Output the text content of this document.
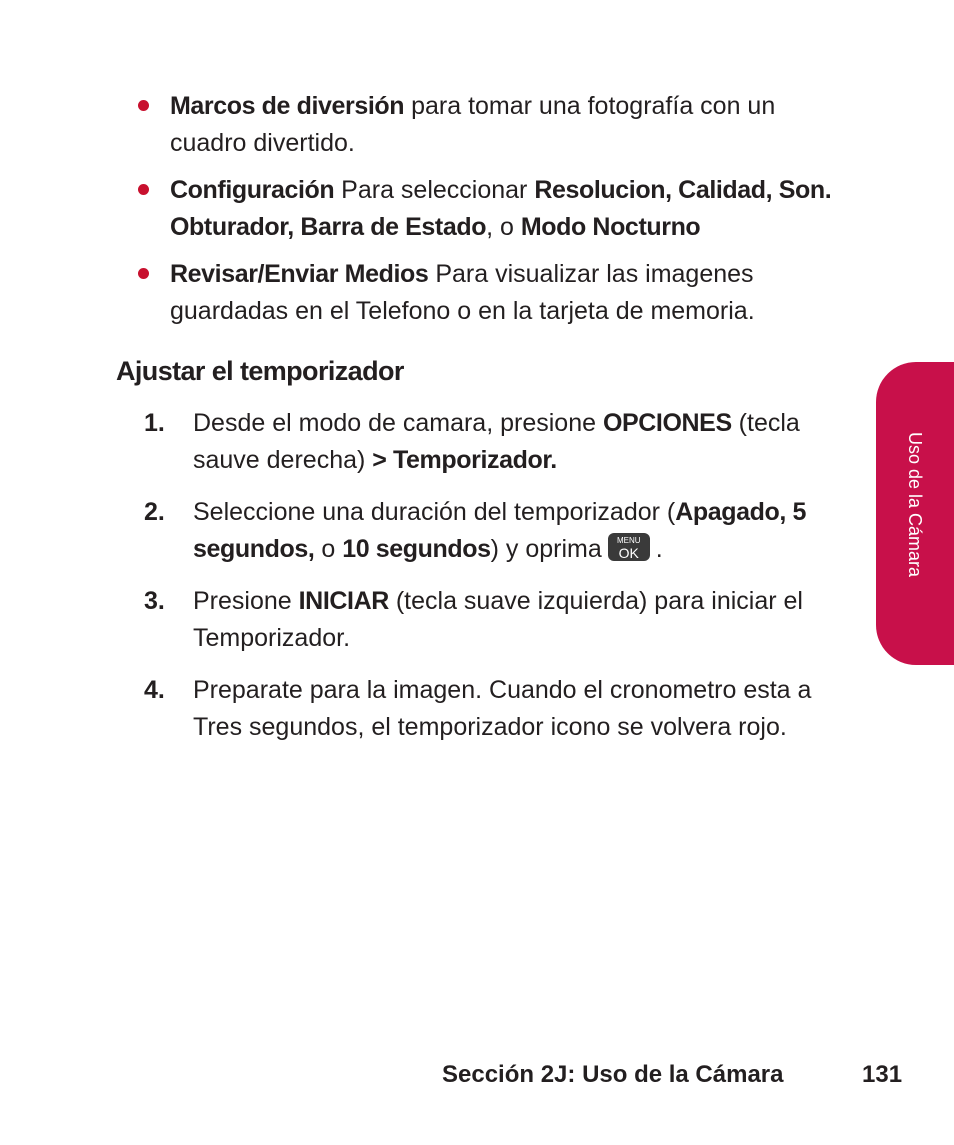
Marcos de diversión para tomar una fotografía con un cuadro divertido.
Configuración Para seleccionar Resolucion, Calidad, Son. Obturador, Barra de Estado, o Modo Nocturno
Revisar/Enviar Medios Para visualizar las imagenes guardadas en el Telefono o en la tarjeta de memoria.
Ajustar el temporizador
1. Desde el modo de camara, presione OPCIONES (tecla sauve derecha) > Temporizador.
2. Seleccione una duración del temporizador (Apagado, 5 segundos, o 10 segundos) y oprima	MENU
OK .
3. Presione INICIAR (tecla suave izquierda) para iniciar el Temporizador.
4. Preparate para la imagen. Cuando el cronometro esta a Tres segundos, el temporizador icono se volvera rojo.
Uso de la Cámara
Sección 2J: Uso de la Cámara	131
